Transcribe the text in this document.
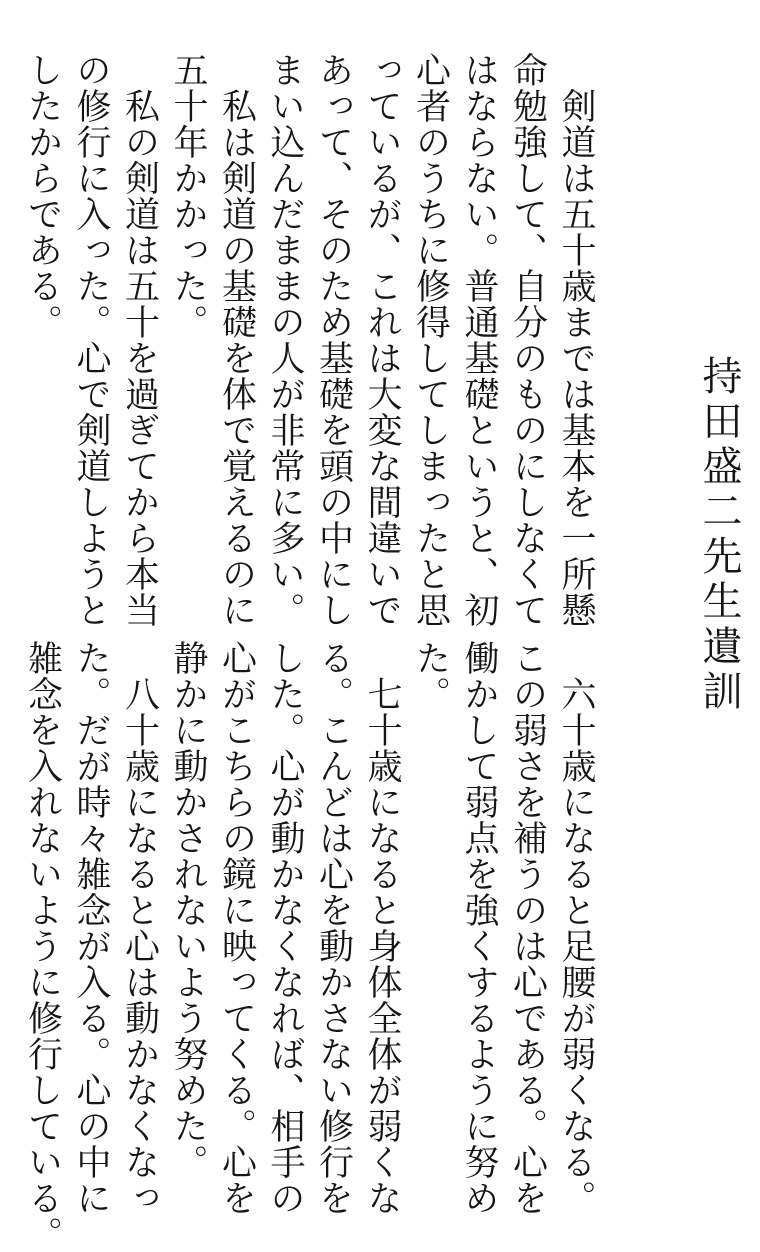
持田盛二先生遺訓
剣道は五十歳までは基本を一所懸
命勉強して、自分のものにしなくて
はならない。普通基礎というと、初
心者のうちに修得してしまったと思
っているが、これは大変な間違いで
あって、そのため基礎を頭の中にし
まい込んだままの人が非常に多い。
私は剣道の基礎を体で覚えるのに
五十年かかった。
私の剣道は五十を過ぎてから本当
の修行に入った。心で剣道しようと
したからである。
六十歳になると足腰が弱くなる。
この弱さを補うのは心である。心を
働かして弱点を強くするように努め
た。
七十歳になると身体全体が弱くな
る。こんどは心を動かさない修行を
した。心が動かなくなれば、相手の
心がこちらの鏡に映ってくる。心を
静かに動かされないよう努めた。
八十歳になると心は動かなくなっ
た。だが時々雑念が入る。心の中に
雑念を入れないように修行している。
